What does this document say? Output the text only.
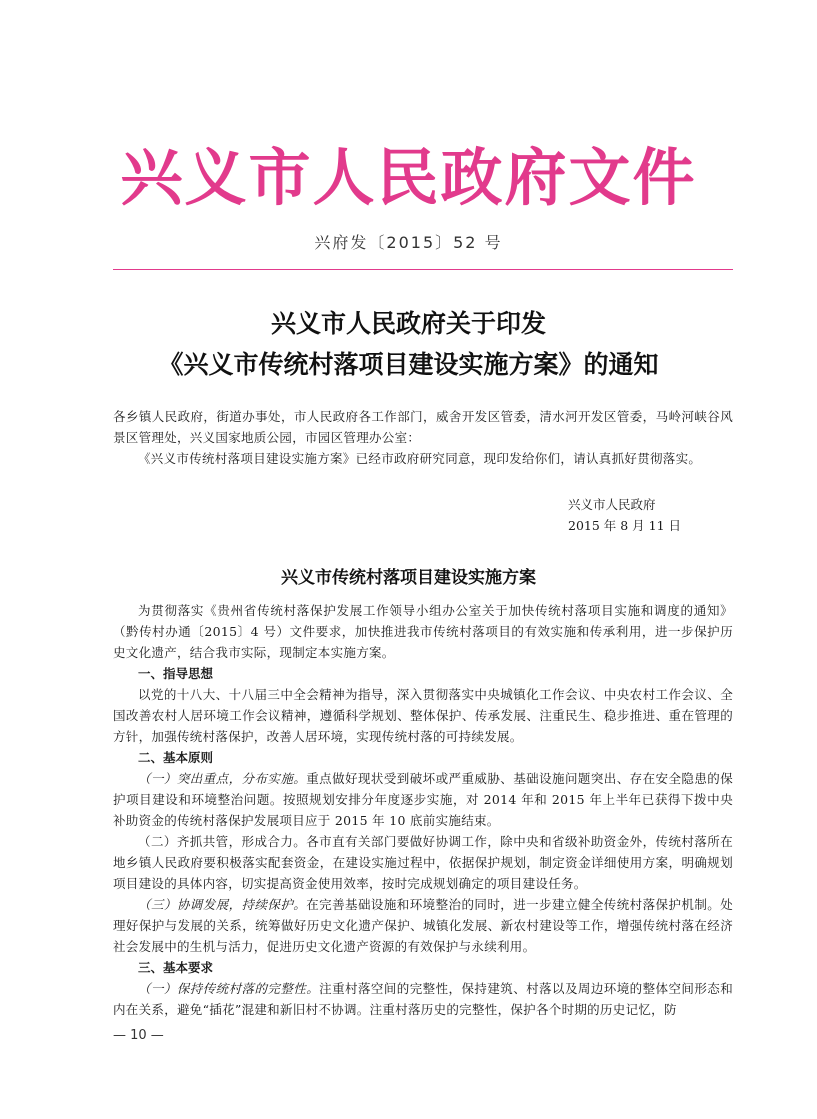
兴义市人民政府文件
兴府发〔2015〕52 号
兴义市人民政府关于印发
《兴义市传统村落项目建设实施方案》的通知

各乡镇人民政府，街道办事处，市人民政府各工作部门，威舍开发区管委，清水河开发区管委，马岭河峡谷风景区管理处，兴义国家地质公园，市园区管理办公室：

《兴义市传统村落项目建设实施方案》已经市政府研究同意，现印发给你们，请认真抓好贯彻落实。

兴义市人民政府
2015 年 8 月 11 日
兴义市传统村落项目建设实施方案

为贯彻落实《贵州省传统村落保护发展工作领导小组办公室关于加快传统村落项目实施和调度的通知》（黔传村办通〔2015〕4 号）文件要求，加快推进我市传统村落项目的有效实施和传承利用，进一步保护历史文化遗产，结合我市实际，现制定本实施方案。

一、指导思想

以党的十八大、十八届三中全会精神为指导，深入贯彻落实中央城镇化工作会议、中央农村工作会议、全国改善农村人居环境工作会议精神，遵循科学规划、整体保护、传承发展、注重民生、稳步推进、重在管理的方针，加强传统村落保护，改善人居环境，实现传统村落的可持续发展。

二、基本原则

（一）突出重点，分布实施。重点做好现状受到破坏或严重威胁、基础设施问题突出、存在安全隐患的保护项目建设和环境整治问题。按照规划安排分年度逐步实施，对 2014 年和 2015 年上半年已获得下拨中央补助资金的传统村落保护发展项目应于 2015 年 10 底前实施结束。

（二）齐抓共管，形成合力。各市直有关部门要做好协调工作，除中央和省级补助资金外，传统村落所在地乡镇人民政府要积极落实配套资金，在建设实施过程中，依据保护规划，制定资金详细使用方案，明确规划项目建设的具体内容，切实提高资金使用效率，按时完成规划确定的项目建设任务。

（三）协调发展，持续保护。在完善基础设施和环境整治的同时，进一步建立健全传统村落保护机制。处理好保护与发展的关系，统筹做好历史文化遗产保护、城镇化发展、新农村建设等工作，增强传统村落在经济社会发展中的生机与活力，促进历史文化遗产资源的有效保护与永续利用。

三、基本要求

（一）保持传统村落的完整性。注重村落空间的完整性，保持建筑、村落以及周边环境的整体空间形态和内在关系，避免“插花”混建和新旧村不协调。注重村落历史的完整性，保护各个时期的历史记忆，防

— 10 —
